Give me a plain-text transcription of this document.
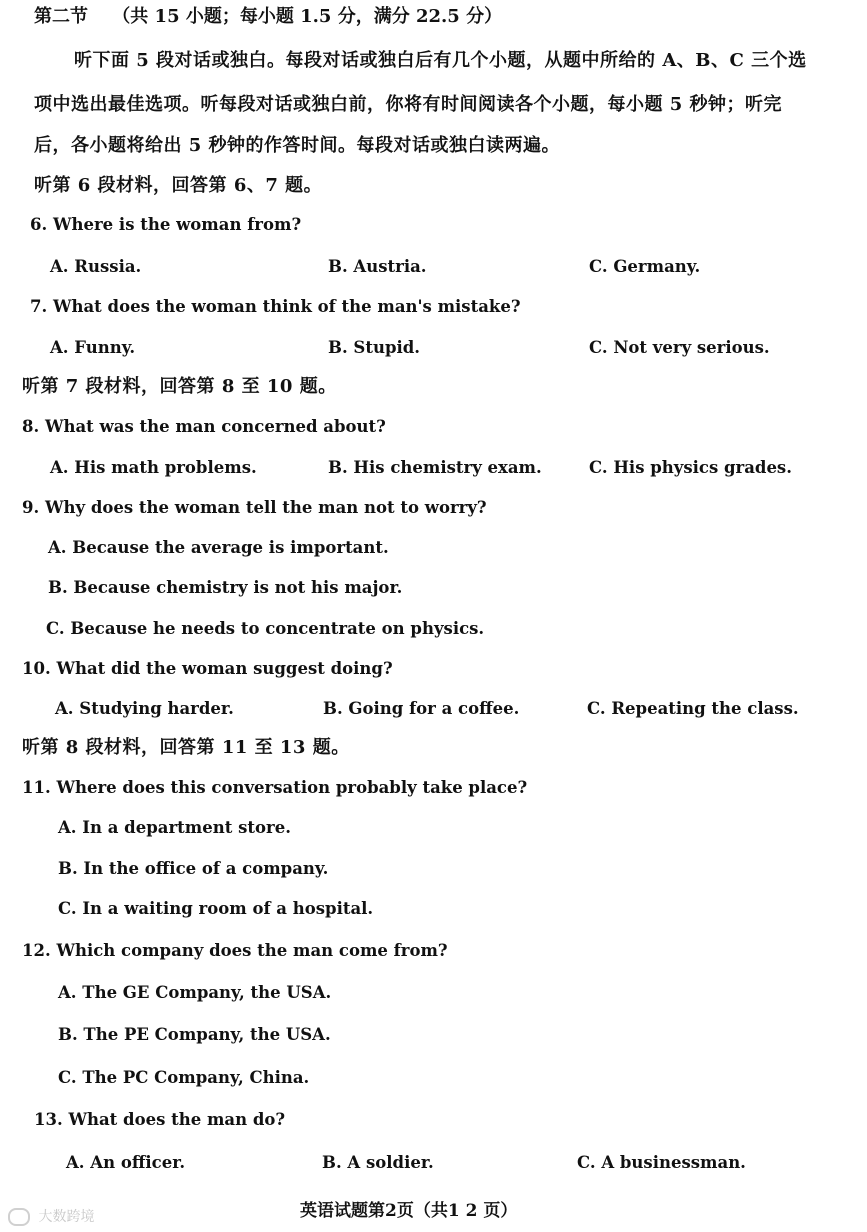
第二节 （共 15 小题；每小题 1.5 分，满分 22.5 分）
听下面 5 段对话或独白。每段对话或独白后有几个小题，从题中所给的 A、B、C 三个选
项中选出最佳选项。听每段对话或独白前，你将有时间阅读各个小题，每小题 5 秒钟；听完
后，各小题将给出 5 秒钟的作答时间。每段对话或独白读两遍。
听第 6 段材料，回答第 6、7 题。
6. Where is the woman from?
A. Russia.	B. Austria.	C. Germany.
7. What does the woman think of the man's mistake?
A. Funny.	B. Stupid.	C. Not very serious.
听第 7 段材料，回答第 8 至 10 题。
8. What was the man concerned about?
A. His math problems.	B. His chemistry exam.	C. His physics grades.
9. Why does the woman tell the man not to worry?
A. Because the average is important.
B. Because chemistry is not his major.
C. Because he needs to concentrate on physics.
10. What did the woman suggest doing?
A. Studying harder.	B. Going for a coffee.	C. Repeating the class.
听第 8 段材料，回答第 11 至 13 题。
11. Where does this conversation probably take place?
A. In a department store.
B. In the office of a company.
C. In a waiting room of a hospital.
12. Which company does the man come from?
A. The GE Company, the USA.
B. The PE Company, the USA.
C. The PC Company, China.
13. What does the man do?
A. An officer.	B. A soldier.	C. A businessman.
英语试题第2页（共1 2 页）
大数跨境
